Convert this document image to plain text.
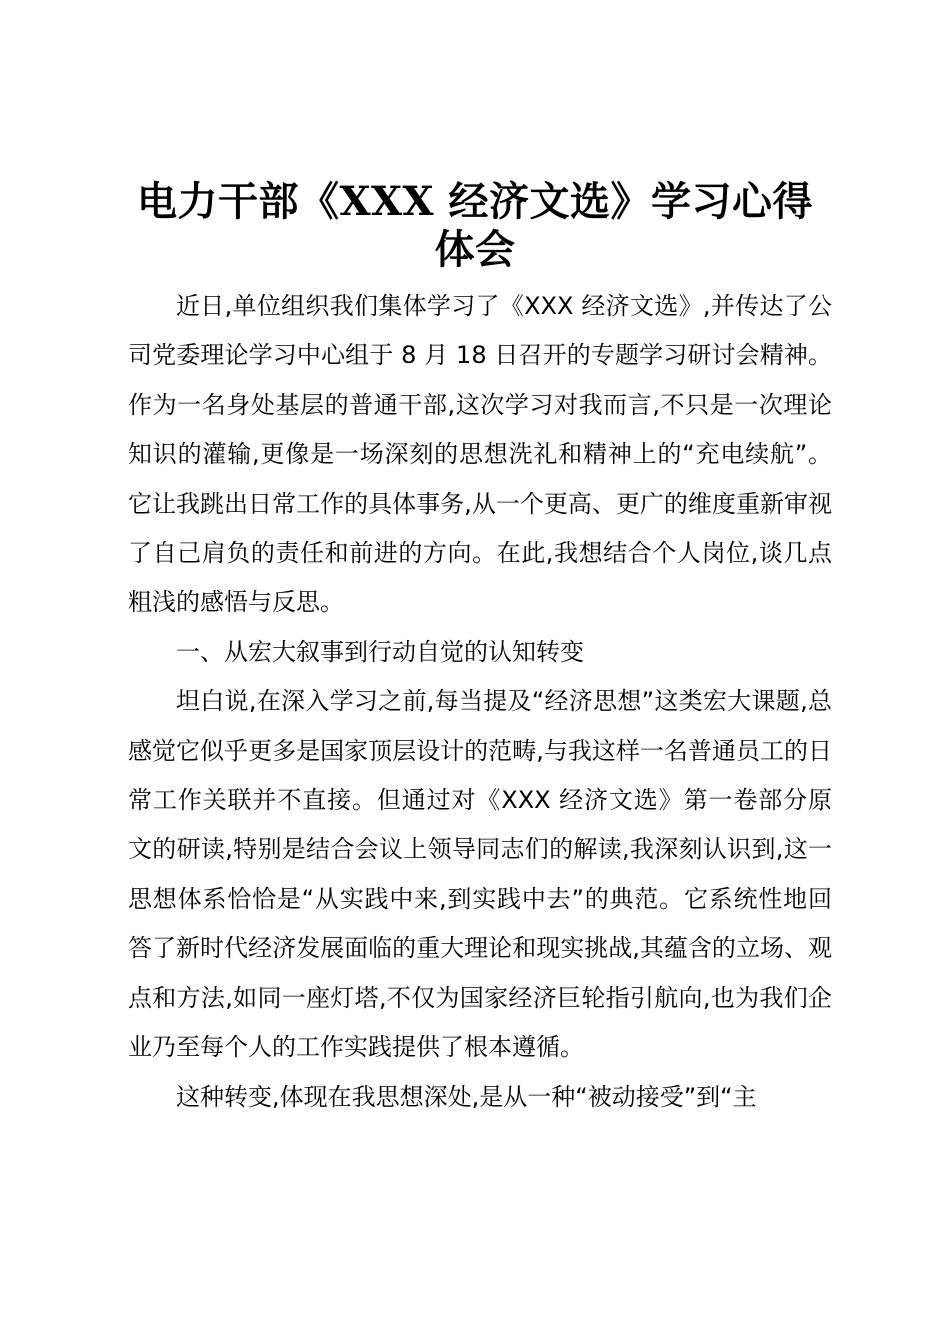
电力干部《XXX 经济文选》学习心得体会

近日,单位组织我们集体学习了《XXX 经济文选》,并传达了公司党委理论学习中心组于 8 月 18 日召开的专题学习研讨会精神。作为一名身处基层的普通干部,这次学习对我而言,不只是一次理论知识的灌输,更像是一场深刻的思想洗礼和精神上的“充电续航”。它让我跳出日常工作的具体事务,从一个更高、更广的维度重新审视了自己肩负的责任和前进的方向。在此,我想结合个人岗位,谈几点粗浅的感悟与反思。

一、从宏大叙事到行动自觉的认知转变

坦白说,在深入学习之前,每当提及“经济思想”这类宏大课题,总感觉它似乎更多是国家顶层设计的范畴,与我这样一名普通员工的日常工作关联并不直接。但通过对《XXX 经济文选》第一卷部分原文的研读,特别是结合会议上领导同志们的解读,我深刻认识到,这一思想体系恰恰是“从实践中来,到实践中去”的典范。它系统性地回答了新时代经济发展面临的重大理论和现实挑战,其蕴含的立场、观点和方法,如同一座灯塔,不仅为国家经济巨轮指引航向,也为我们企业乃至每个人的工作实践提供了根本遵循。

这种转变,体现在我思想深处,是从一种“被动接受”到“主
